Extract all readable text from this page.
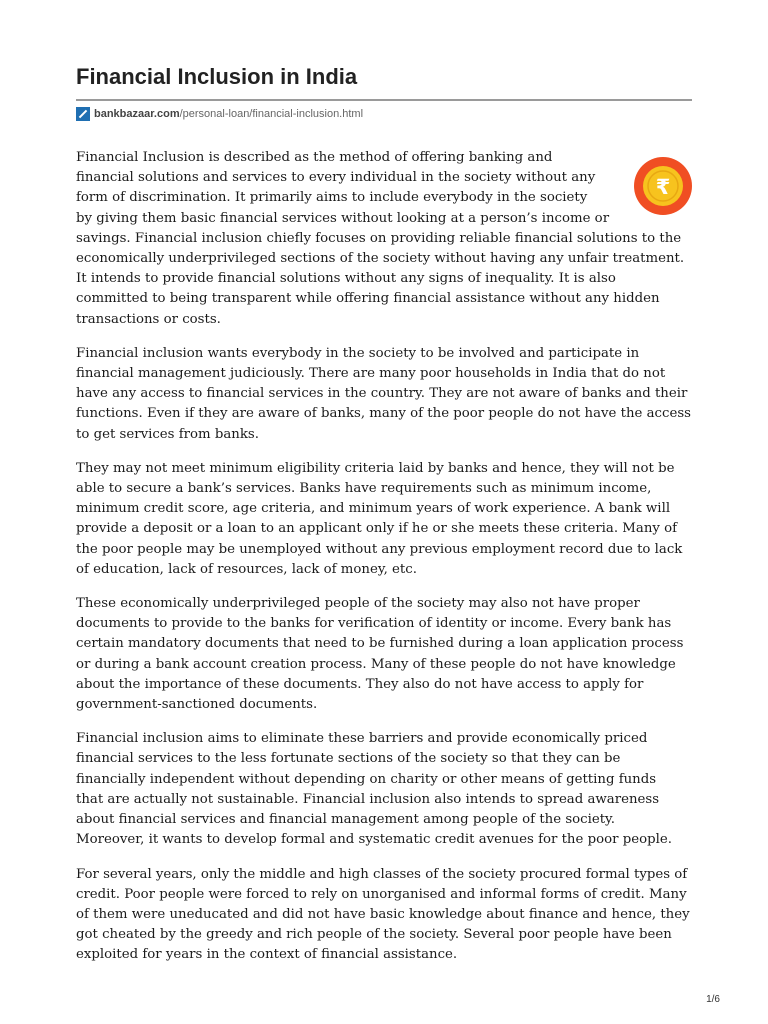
Financial Inclusion in India
bankbazaar.com /personal-loan/financial-inclusion.html
₹

Financial Inclusion is described as the method of offering banking and
financial solutions and services to every individual in the society without any
form of discrimination. It primarily aims to include everybody in the society
by giving them basic financial services without looking at a person’s income or
savings. Financial inclusion chiefly focuses on providing reliable financial solutions to the
economically underprivileged sections of the society without having any unfair treatment.
It intends to provide financial solutions without any signs of inequality. It is also
committed to being transparent while offering financial assistance without any hidden
transactions or costs.

Financial inclusion wants everybody in the society to be involved and participate in
financial management judiciously. There are many poor households in India that do not
have any access to financial services in the country. They are not aware of banks and their
functions. Even if they are aware of banks, many of the poor people do not have the access
to get services from banks.

They may not meet minimum eligibility criteria laid by banks and hence, they will not be
able to secure a bank’s services. Banks have requirements such as minimum income,
minimum credit score, age criteria, and minimum years of work experience. A bank will
provide a deposit or a loan to an applicant only if he or she meets these criteria. Many of
the poor people may be unemployed without any previous employment record due to lack
of education, lack of resources, lack of money, etc.

These economically underprivileged people of the society may also not have proper
documents to provide to the banks for verification of identity or income. Every bank has
certain mandatory documents that need to be furnished during a loan application process
or during a bank account creation process. Many of these people do not have knowledge
about the importance of these documents. They also do not have access to apply for
government-sanctioned documents.

Financial inclusion aims to eliminate these barriers and provide economically priced
financial services to the less fortunate sections of the society so that they can be
financially independent without depending on charity or other means of getting funds
that are actually not sustainable. Financial inclusion also intends to spread awareness
about financial services and financial management among people of the society.
Moreover, it wants to develop formal and systematic credit avenues for the poor people.

For several years, only the middle and high classes of the society procured formal types of
credit. Poor people were forced to rely on unorganised and informal forms of credit. Many
of them were uneducated and did not have basic knowledge about finance and hence, they
got cheated by the greedy and rich people of the society. Several poor people have been
exploited for years in the context of financial assistance.

1/6
